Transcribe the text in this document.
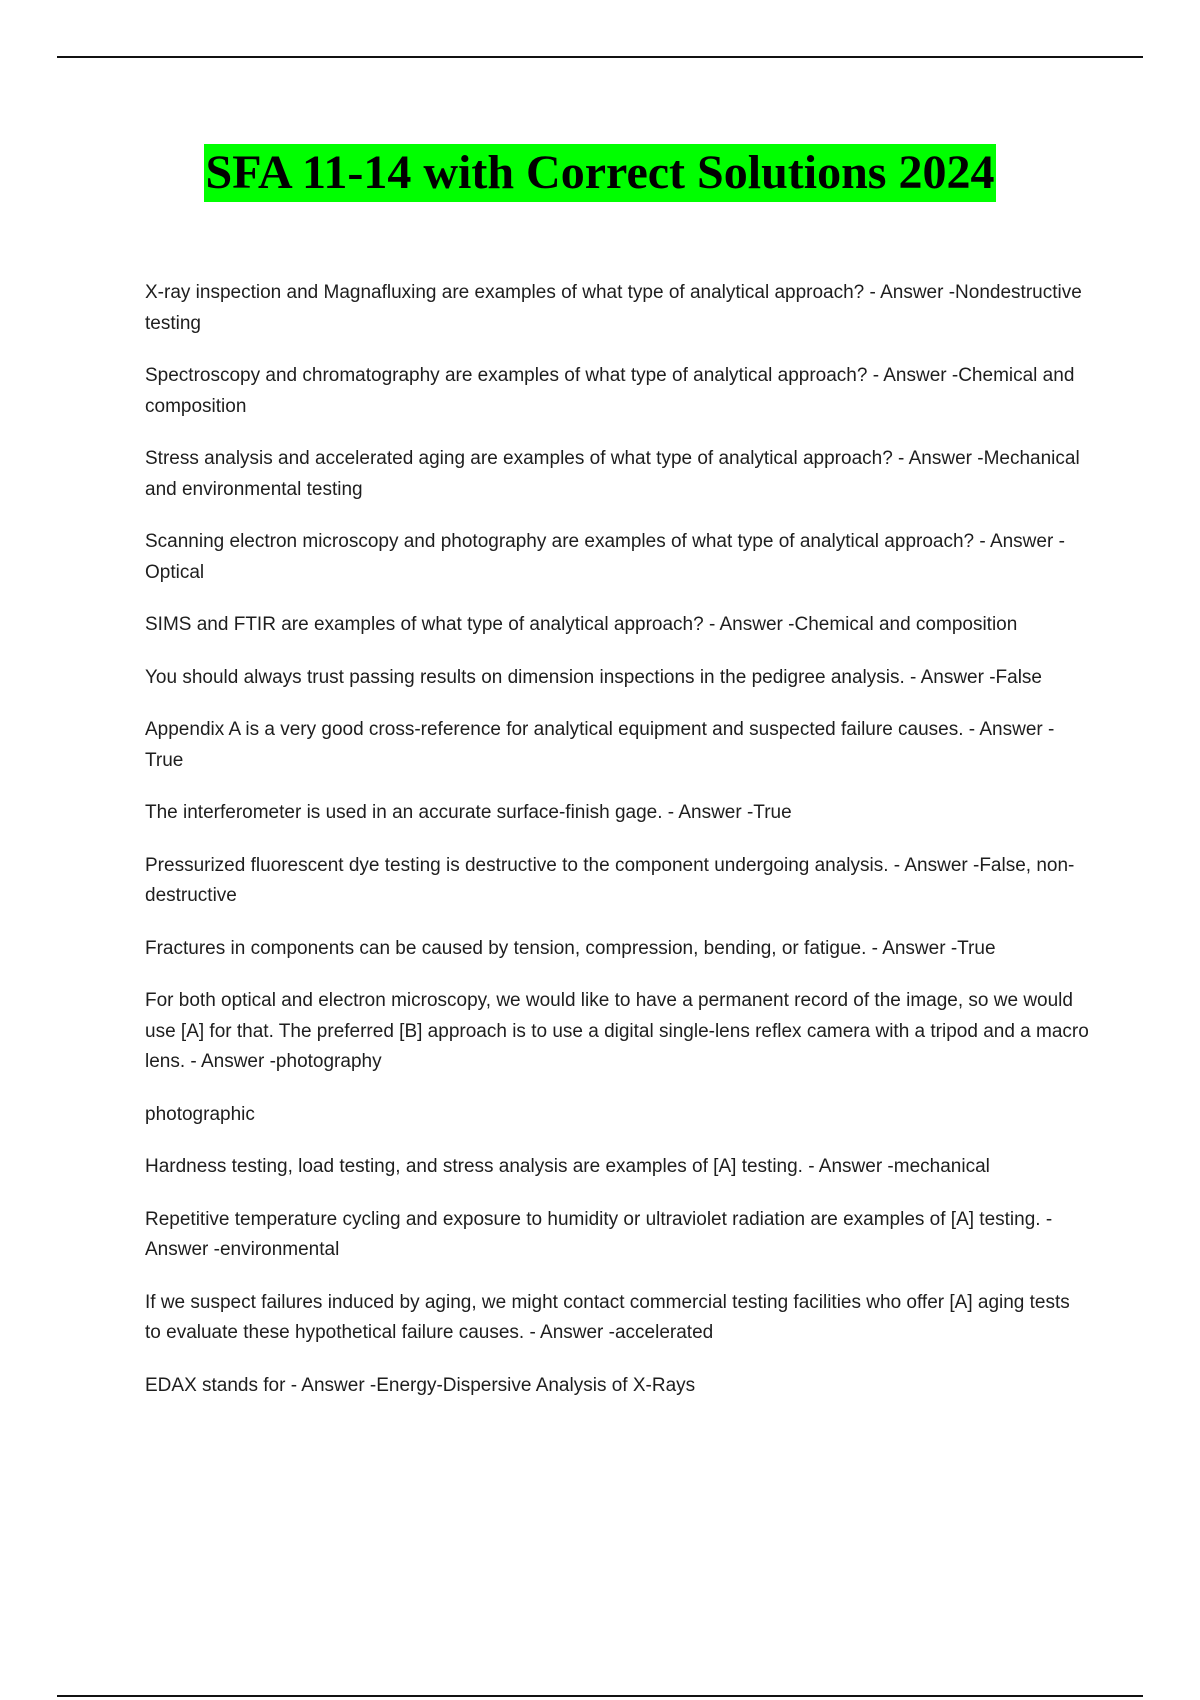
SFA 11-14 with Correct Solutions 2024

X-ray inspection and Magnafluxing are examples of what type of analytical approach? - Answer -Nondestructive testing

Spectroscopy and chromatography are examples of what type of analytical approach? - Answer -Chemical and composition

Stress analysis and accelerated aging are examples of what type of analytical approach? - Answer -Mechanical and environmental testing

Scanning electron microscopy and photography are examples of what type of analytical approach? - Answer -Optical

SIMS and FTIR are examples of what type of analytical approach? - Answer -Chemical and composition

You should always trust passing results on dimension inspections in the pedigree analysis. - Answer -False

Appendix A is a very good cross-reference for analytical equipment and suspected failure causes. - Answer -True

The interferometer is used in an accurate surface-finish gage. - Answer -True

Pressurized fluorescent dye testing is destructive to the component undergoing analysis. - Answer -False, non-destructive

Fractures in components can be caused by tension, compression, bending, or fatigue. - Answer -True

For both optical and electron microscopy, we would like to have a permanent record of the image, so we would use [A] for that. The preferred [B] approach is to use a digital single-lens reflex camera with a tripod and a macro lens. - Answer -photography

photographic

Hardness testing, load testing, and stress analysis are examples of [A] testing. - Answer -mechanical

Repetitive temperature cycling and exposure to humidity or ultraviolet radiation are examples of [A] testing. - Answer -environmental

If we suspect failures induced by aging, we might contact commercial testing facilities who offer [A] aging tests to evaluate these hypothetical failure causes. - Answer -accelerated

EDAX stands for - Answer -Energy-Dispersive Analysis of X-Rays
